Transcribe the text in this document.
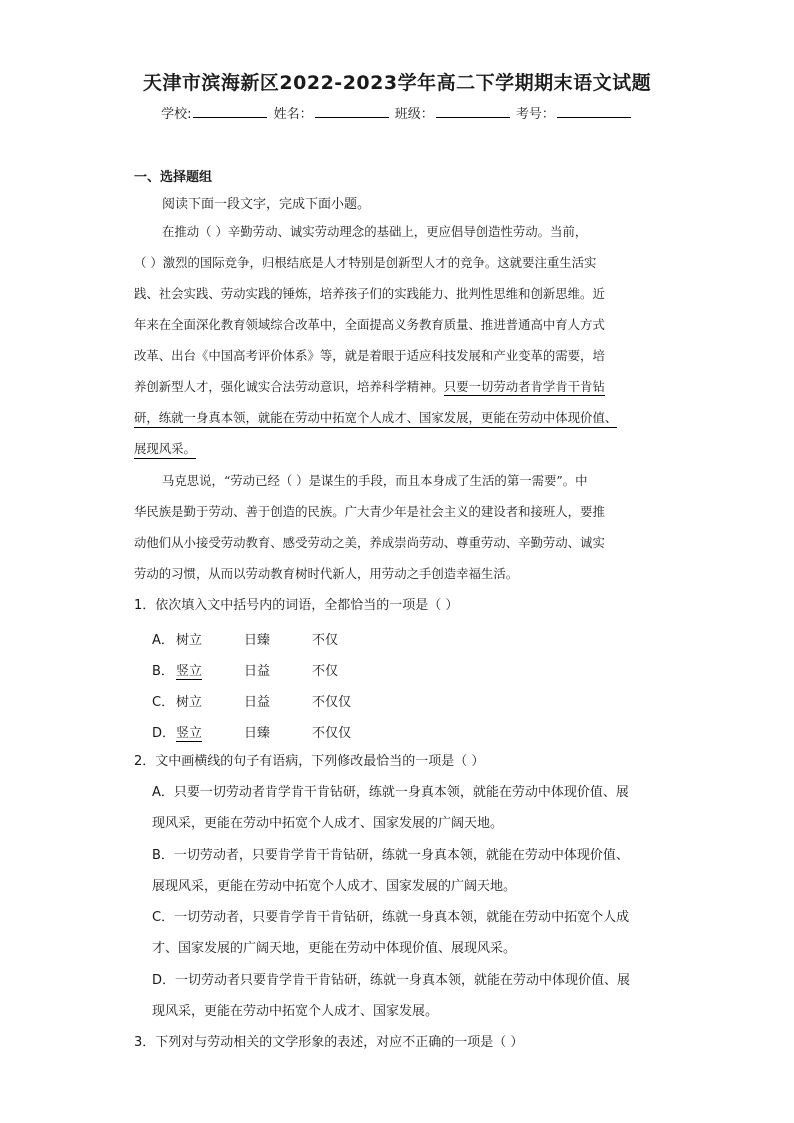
天津市滨海新区2022-2023学年高二下学期期末语文试题
学校:	姓名：	班级：	考号：
一、选择题组
阅读下面一段文字，完成下面小题。
在推动（ ）辛勤劳动、诚实劳动理念的基础上，更应倡导创造性劳动。当前，
（ ）激烈的国际竞争，归根结底是人才特别是创新型人才的竞争。这就要注重生活实
践、社会实践、劳动实践的锤炼，培养孩子们的实践能力、批判性思维和创新思维。近
年来在全面深化教育领域综合改革中，全面提高义务教育质量、推进普通高中育人方式
改革、出台《中国高考评价体系》等，就是着眼于适应科技发展和产业变革的需要，培
养创新型人才，强化诚实合法劳动意识，培养科学精神。只要一切劳动者肯学肯干肯钻
研，练就一身真本领，就能在劳动中拓宽个人成才、国家发展，更能在劳动中体现价值、
展现风采。
马克思说，“劳动已经（ ）是谋生的手段，而且本身成了生活的第一需要”。中
华民族是勤于劳动、善于创造的民族。广大青少年是社会主义的建设者和接班人，要推
动他们从小接受劳动教育、感受劳动之美，养成崇尚劳动、尊重劳动、辛勤劳动、诚实
劳动的习惯，从而以劳动教育树时代新人，用劳动之手创造幸福生活。
1．依次填入文中括号内的词语，全都恰当的一项是（ ）
A． 树立	日臻	不仅
B． 竖立	日益	不仅
C． 树立	日益	不仅仅
D． 竖立	日臻	不仅仅
2．文中画横线的句子有语病，下列修改最恰当的一项是（ ）
A．只要一切劳动者肯学肯干肯钻研，练就一身真本领，就能在劳动中体现价值、展
现风采，更能在劳动中拓宽个人成才、国家发展的广阔天地。
B．一切劳动者，只要肯学肯干肯钻研，练就一身真本领，就能在劳动中体现价值、
展现风采，更能在劳动中拓宽个人成才、国家发展的广阔天地。
C．一切劳动者，只要肯学肯干肯钻研，练就一身真本领，就能在劳动中拓宽个人成
才、国家发展的广阔天地，更能在劳动中体现价值、展现风采。
D．一切劳动者只要肯学肯干肯钻研，练就一身真本领，就能在劳动中体现价值、展
现风采，更能在劳动中拓宽个人成才、国家发展。
3．下列对与劳动相关的文学形象的表述，对应不正确的一项是（ ）
